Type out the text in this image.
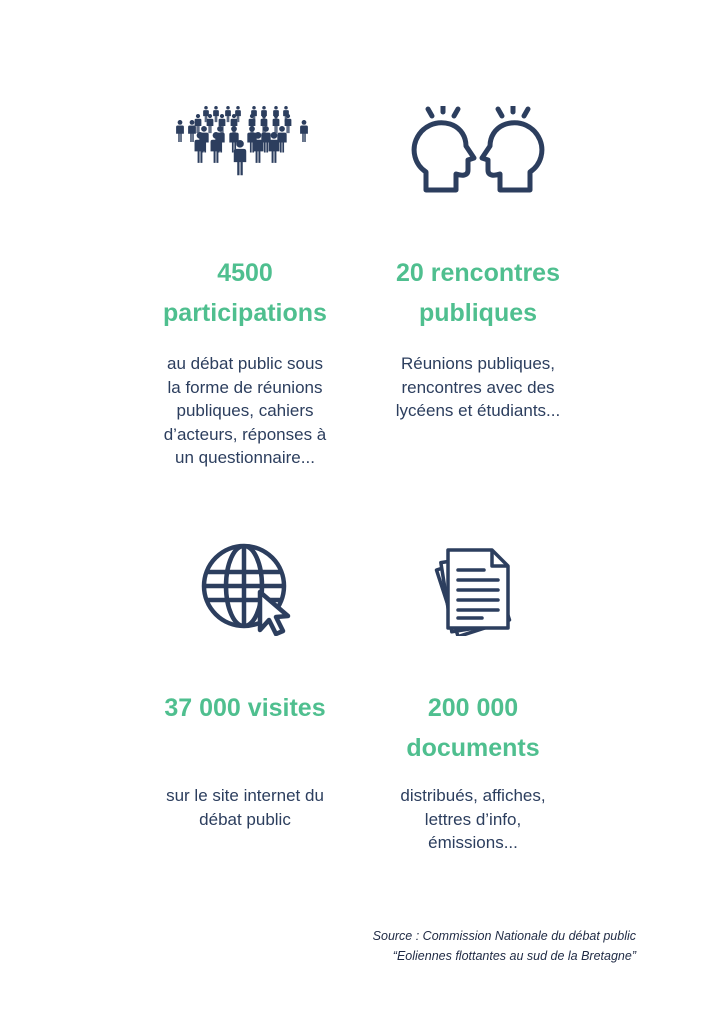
4500
participations
au débat public sous
la forme de réunions
publiques, cahiers
d’acteurs, réponses à
un questionnaire...
20 rencontres
publiques
Réunions publiques,
rencontres avec des
lycéens et étudiants...
37 000 visites
sur le site internet du
débat public
200 000
documents
distribués, affiches,
lettres d’info,
émissions...
Source : Commission Nationale du débat public
“Eoliennes flottantes au sud de la Bretagne”
